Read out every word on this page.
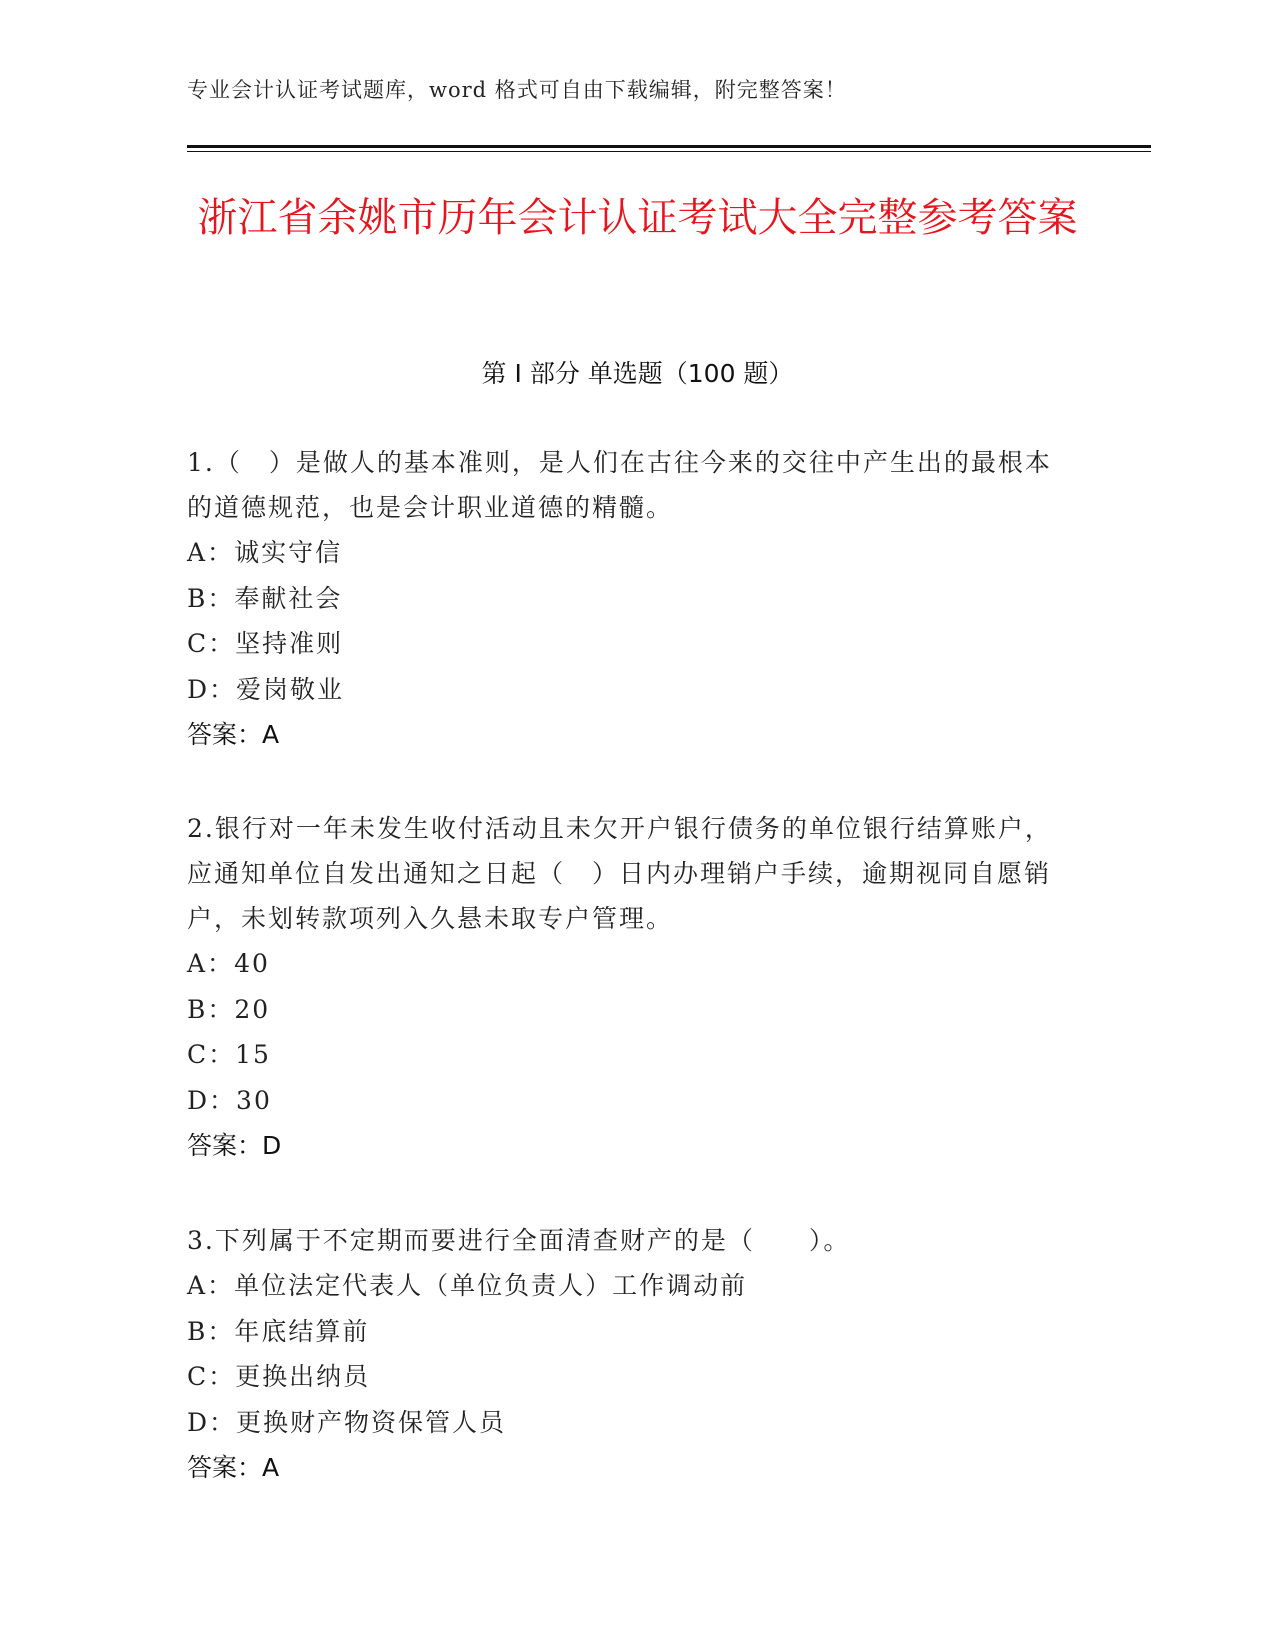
专业会计认证考试题库，word 格式可自由下载编辑，附完整答案！
浙江省余姚市历年会计认证考试大全完整参考答案
第 I 部分 单选题（100 题）

1.（　）是做人的基本准则，是人们在古往今来的交往中产生出的最根本的道德规范，也是会计职业道德的精髓。

A：诚实守信

B：奉献社会

C：坚持准则

D：爱岗敬业

答案：A

2.银行对一年未发生收付活动且未欠开户银行债务的单位银行结算账户，应通知单位自发出通知之日起（　）日内办理销户手续，逾期视同自愿销户，未划转款项列入久悬未取专户管理。

A：40

B：20

C：15

D：30

答案：D

3.下列属于不定期而要进行全面清查财产的是（　　）。

A：单位法定代表人（单位负责人）工作调动前

B：年底结算前

C：更换出纳员

D：更换财产物资保管人员

答案：A
